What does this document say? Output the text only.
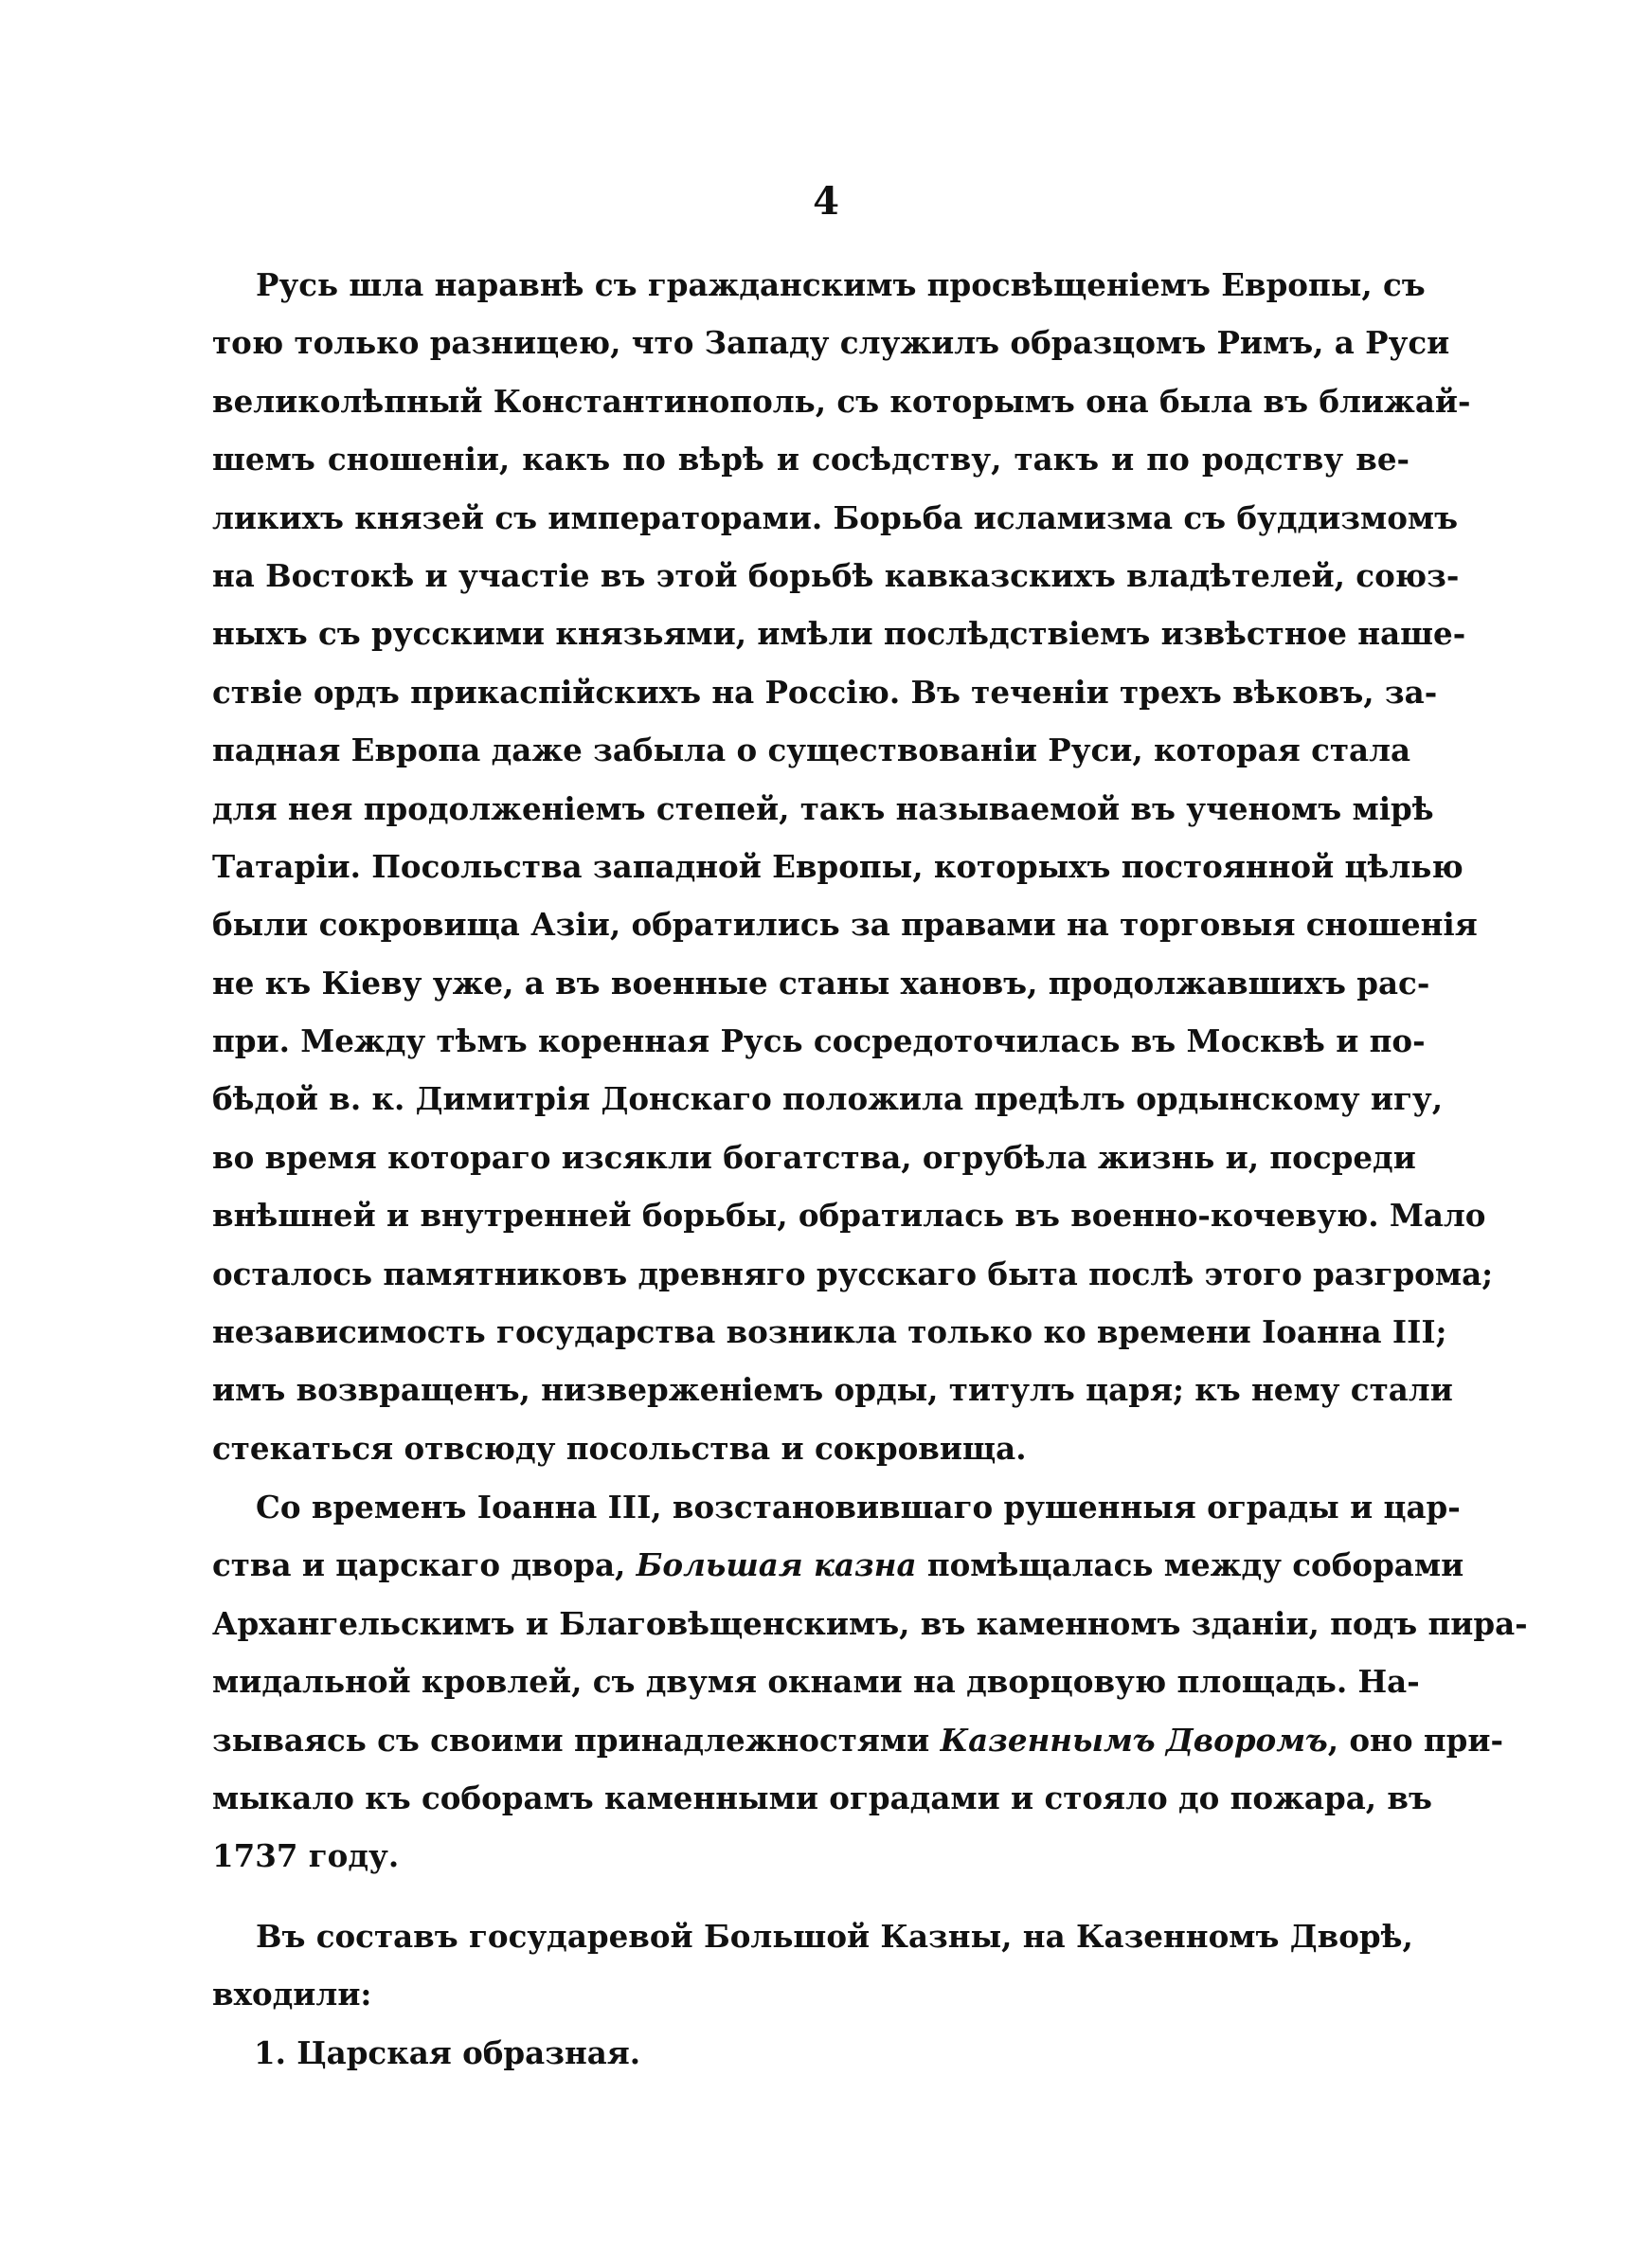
4
Русь шла наравнѣ съ гражданскимъ просвѣщеніемъ Европы, съ
тою только разницею, что Западу служилъ образцомъ Римъ, а Руси
великолѣпный Константинополь, съ которымъ она была въ ближай-
шемъ сношеніи, какъ по вѣрѣ и сосѣдству, такъ и по родству ве-
ликихъ князей съ императорами. Борьба исламизма съ буддизмомъ
на Востокѣ и участіе въ этой борьбѣ кавказскихъ владѣтелей, союз-
ныхъ съ русскими князьями, имѣли послѣдствіемъ извѣстное наше-
ствіе ордъ прикаспійскихъ на Россію. Въ теченіи трехъ вѣковъ, за-
падная Европа даже забыла о существованіи Руси, которая стала
для нея продолженіемъ степей, такъ называемой въ ученомъ мірѣ
Татаріи. Посольства западной Европы, которыхъ постоянной цѣлью
были сокровища Азіи, обратились за правами на торговыя сношенія
не къ Кіеву уже, а въ военные станы хановъ, продолжавшихъ рас-
при. Между тѣмъ коренная Русь сосредоточилась въ Москвѣ и по-
бѣдой в. к. Димитрія Донскаго положила предѣлъ ордынскому игу,
во время котораго изсякли богатства, огрубѣла жизнь и, посреди
внѣшней и внутренней борьбы, обратилась въ военно-кочевую. Мало
осталось памятниковъ древняго русскаго быта послѣ этого разгрома;
независимость государства возникла только ко времени Іоанна III;
имъ возвращенъ, низверженіемъ орды, титулъ царя; къ нему стали
стекаться отвсюду посольства и сокровища.
Со временъ Іоанна III, возстановившаго рушенныя ограды и цар-
ства и царскаго двора, Большая казна помѣщалась между соборами
Архангельскимъ и Благовѣщенскимъ, въ каменномъ зданіи, подъ пира-
мидальной кровлей, съ двумя окнами на дворцовую площадь. На-
зываясь съ своими принадлежностями Казеннымъ Дворомъ, оно при-
мыкало къ соборамъ каменными оградами и стояло до пожара, въ
1737 году.
Въ составъ государевой Большой Казны, на Казенномъ Дворѣ,
входили:
1. Царская образная.
